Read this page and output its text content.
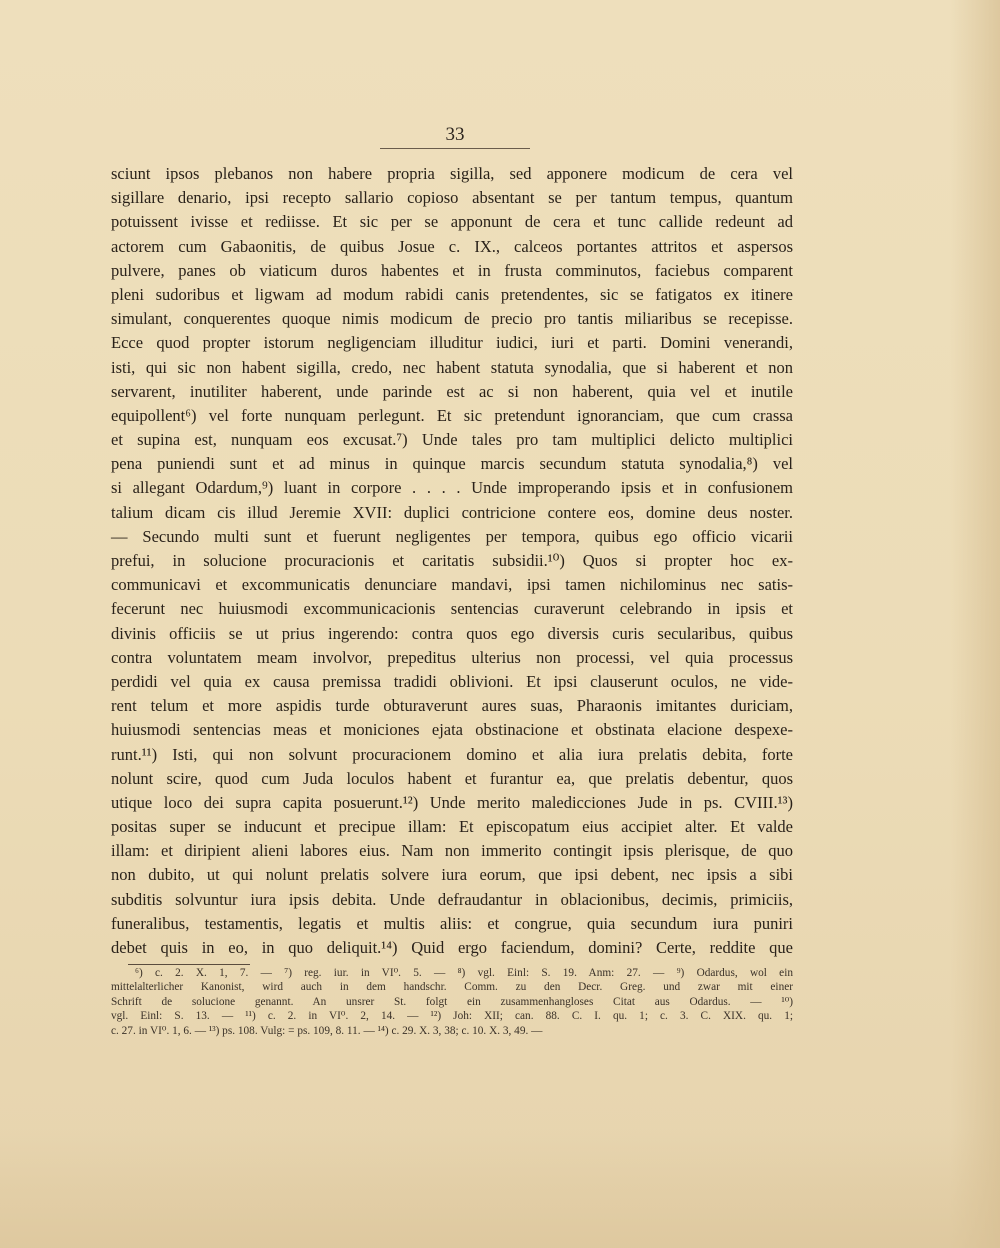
33
sciunt ipsos plebanos non habere propria sigilla, sed apponere modicum de cera vel
sigillare denario, ipsi recepto sallario copioso absentant se per tantum tempus, quantum
potuissent ivisse et rediisse. Et sic per se apponunt de cera et tunc callide redeunt ad
actorem cum Gabaonitis, de quibus Josue c. IX., calceos portantes attritos et aspersos
pulvere, panes ob viaticum duros habentes et in frusta comminutos, faciebus comparent
pleni sudoribus et ligwam ad modum rabidi canis pretendentes, sic se fatigatos ex itinere
simulant, conquerentes quoque nimis modicum de precio pro tantis miliaribus se recepisse.
Ecce quod propter istorum negligenciam illuditur iudici, iuri et parti. Domini venerandi,
isti, qui sic non habent sigilla, credo, nec habent statuta synodalia, que si haberent et non
servarent, inutiliter haberent, unde parinde est ac si non haberent, quia vel et inutile
equipollent⁶) vel forte nunquam perlegunt. Et sic pretendunt ignoranciam, que cum crassa
et supina est, nunquam eos excusat.⁷) Unde tales pro tam multiplici delicto multiplici
pena puniendi sunt et ad minus in quinque marcis secundum statuta synodalia,⁸) vel
si allegant Odardum,⁹) luant in corpore . . . . Unde improperando ipsis et in confusionem
talium dicam cis illud Jeremie XVII: duplici contricione contere eos, domine deus noster.
— Secundo multi sunt et fuerunt negligentes per tempora, quibus ego officio vicarii
prefui, in solucione procuracionis et caritatis subsidii.¹⁰) Quos si propter hoc ex-
communicavi et excommunicatis denunciare mandavi, ipsi tamen nichilominus nec satis-
fecerunt nec huiusmodi excommunicacionis sentencias curaverunt celebrando in ipsis et
divinis officiis se ut prius ingerendo: contra quos ego diversis curis secularibus, quibus
contra voluntatem meam involvor, prepeditus ulterius non processi, vel quia processus
perdidi vel quia ex causa premissa tradidi oblivioni. Et ipsi clauserunt oculos, ne vide-
rent telum et more aspidis turde obturaverunt aures suas, Pharaonis imitantes duriciam,
huiusmodi sentencias meas et moniciones ejata obstinacione et obstinata elacione despexe-
runt.¹¹) Isti, qui non solvunt procuracionem domino et alia iura prelatis debita, forte
nolunt scire, quod cum Juda loculos habent et furantur ea, que prelatis debentur, quos
utique loco dei supra capita posuerunt.¹²) Unde merito maledicciones Jude in ps. CVIII.¹³)
positas super se inducunt et precipue illam: Et episcopatum eius accipiet alter. Et valde
illam: et diripient alieni labores eius. Nam non immerito contingit ipsis plerisque, de quo
non dubito, ut qui nolunt prelatis solvere iura eorum, que ipsi debent, nec ipsis a sibi
subditis solvuntur iura ipsis debita. Unde defraudantur in oblacionibus, decimis, primiciis,
funeralibus, testamentis, legatis et multis aliis: et congrue, quia secundum iura puniri
debet quis in eo, in quo deliquit.¹⁴) Quid ergo faciendum, domini? Certe, reddite que
⁶) c. 2. X. 1, 7. — ⁷) reg. iur. in VI⁰. 5. — ⁸) vgl. Einl: S. 19. Anm: 27. — ⁹) Odardus, wol ein
mittelalterlicher Kanonist, wird auch in dem handschr. Comm. zu den Decr. Greg. und zwar mit einer
Schrift de solucione genannt. An unsrer St. folgt ein zusammenhangloses Citat aus Odardus. — ¹⁰)
vgl. Einl: S. 13. — ¹¹) c. 2. in VI⁰. 2, 14. — ¹²) Joh: XII; can. 88. C. I. qu. 1; c. 3. C. XIX. qu. 1;
c. 27. in VI⁰. 1, 6. — ¹³) ps. 108. Vulg: = ps. 109, 8. 11. — ¹⁴) c. 29. X. 3, 38; c. 10. X. 3, 49. —
